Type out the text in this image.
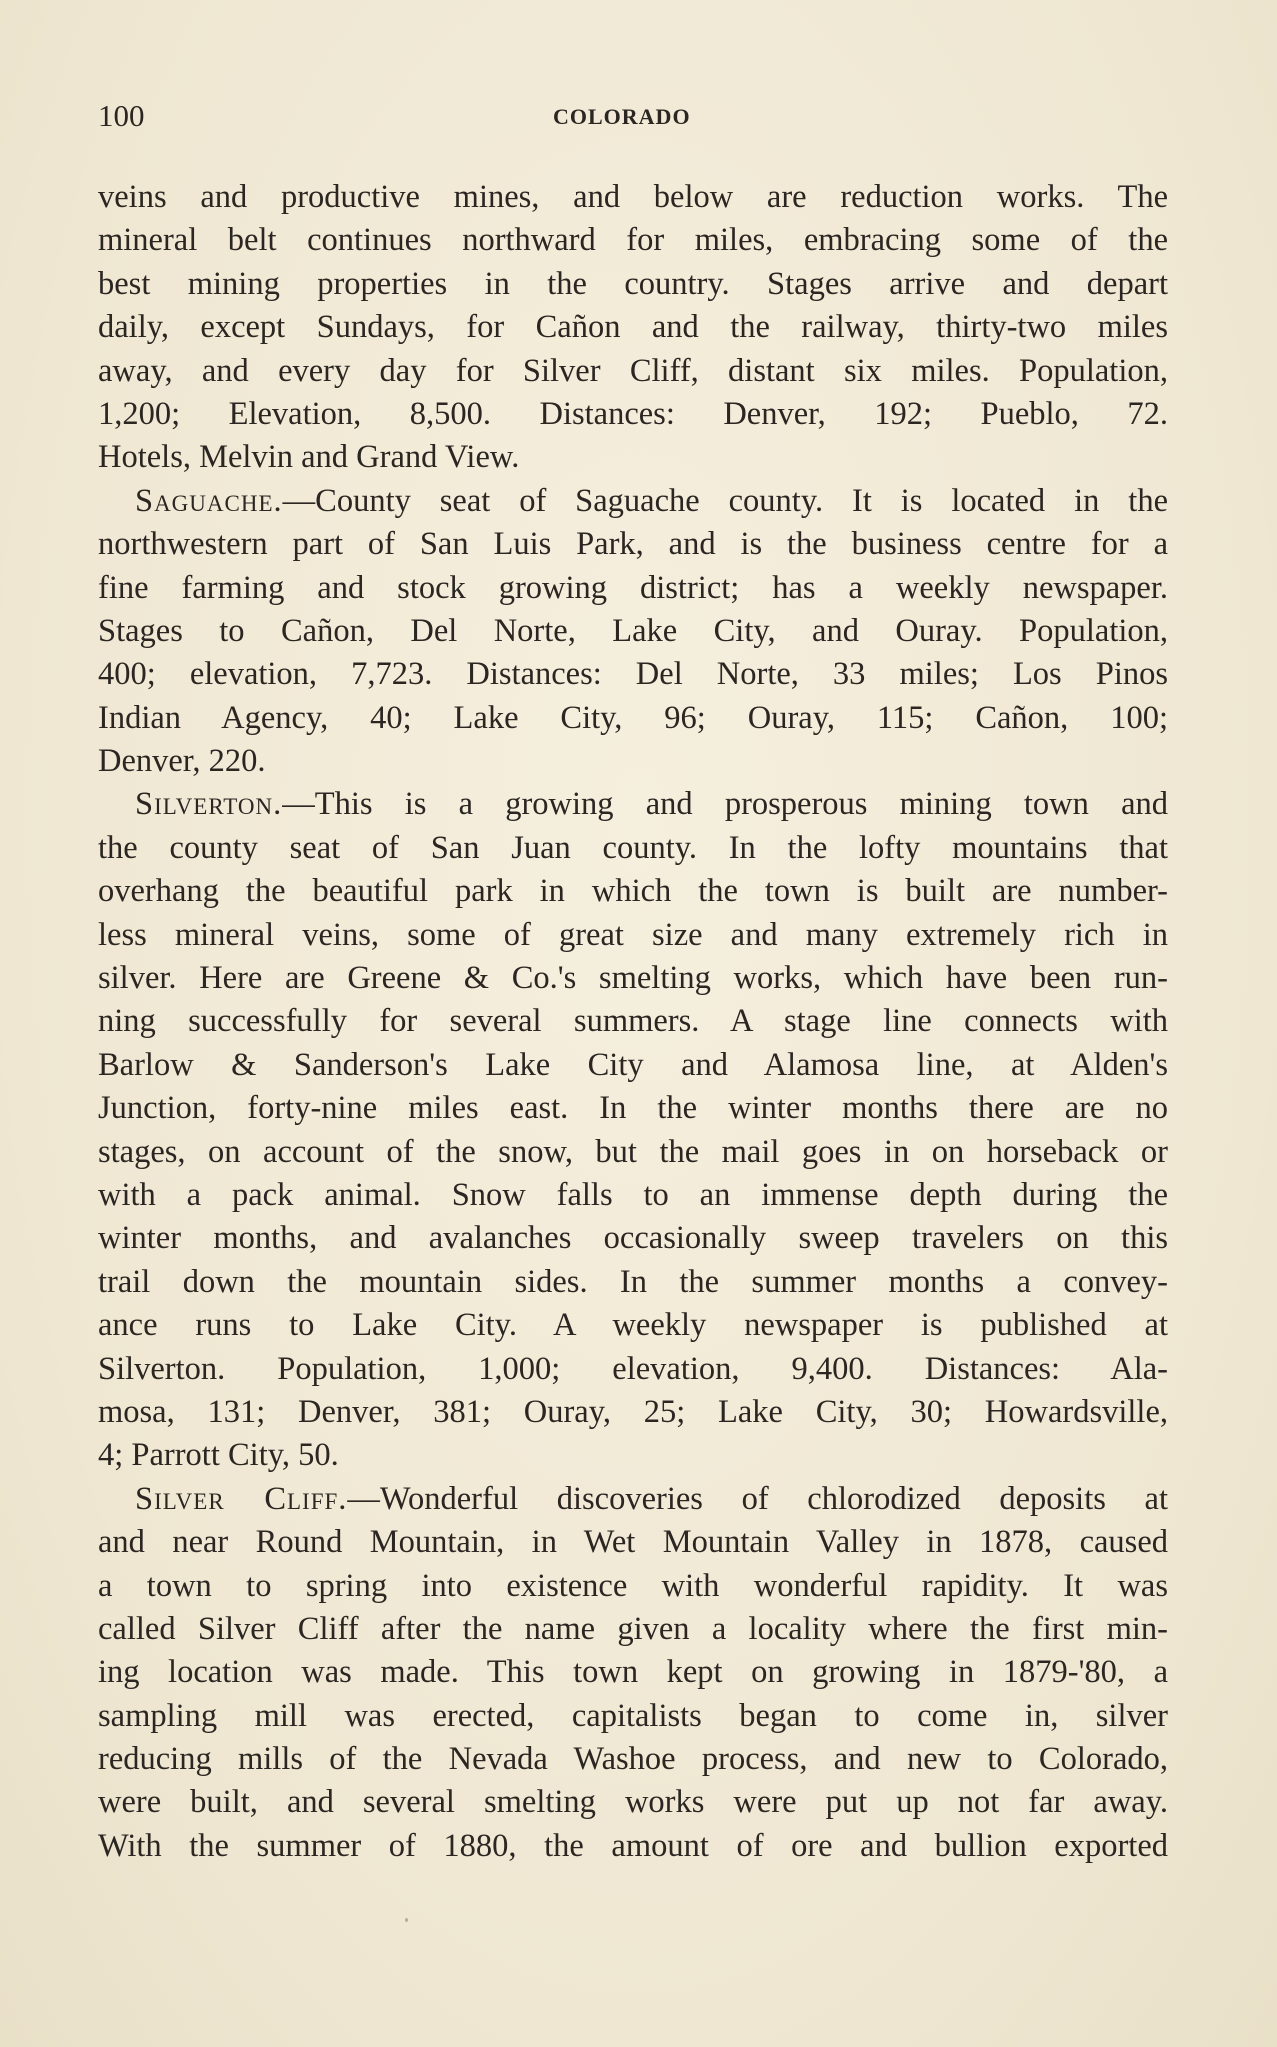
100	COLORADO
veins and productive mines, and below are reduction works. The
mineral belt continues northward for miles, embracing some of the
best mining properties in the country. Stages arrive and depart
daily, except Sundays, for Cañon and the railway, thirty-two miles
away, and every day for Silver Cliff, distant six miles. Population,
1,200; Elevation, 8,500. Distances: Denver, 192; Pueblo, 72.
Hotels, Melvin and Grand View.
Saguache.—County seat of Saguache county. It is located in the
northwestern part of San Luis Park, and is the business centre for a
fine farming and stock growing district; has a weekly newspaper.
Stages to Cañon, Del Norte, Lake City, and Ouray. Population,
400; elevation, 7,723. Distances: Del Norte, 33 miles; Los Pinos
Indian Agency, 40; Lake City, 96; Ouray, 115; Cañon, 100;
Denver, 220.
Silverton.—This is a growing and prosperous mining town and
the county seat of San Juan county. In the lofty mountains that
overhang the beautiful park in which the town is built are number-
less mineral veins, some of great size and many extremely rich in
silver. Here are Greene & Co.'s smelting works, which have been run-
ning successfully for several summers. A stage line connects with
Barlow & Sanderson's Lake City and Alamosa line, at Alden's
Junction, forty-nine miles east. In the winter months there are no
stages, on account of the snow, but the mail goes in on horseback or
with a pack animal. Snow falls to an immense depth during the
winter months, and avalanches occasionally sweep travelers on this
trail down the mountain sides. In the summer months a convey-
ance runs to Lake City. A weekly newspaper is published at
Silverton. Population, 1,000; elevation, 9,400. Distances: Ala-
mosa, 131; Denver, 381; Ouray, 25; Lake City, 30; Howardsville,
4; Parrott City, 50.
Silver Cliff.—Wonderful discoveries of chlorodized deposits at
and near Round Mountain, in Wet Mountain Valley in 1878, caused
a town to spring into existence with wonderful rapidity. It was
called Silver Cliff after the name given a locality where the first min-
ing location was made. This town kept on growing in 1879-'80, a
sampling mill was erected, capitalists began to come in, silver
reducing mills of the Nevada Washoe process, and new to Colorado,
were built, and several smelting works were put up not far away.
With the summer of 1880, the amount of ore and bullion exported
